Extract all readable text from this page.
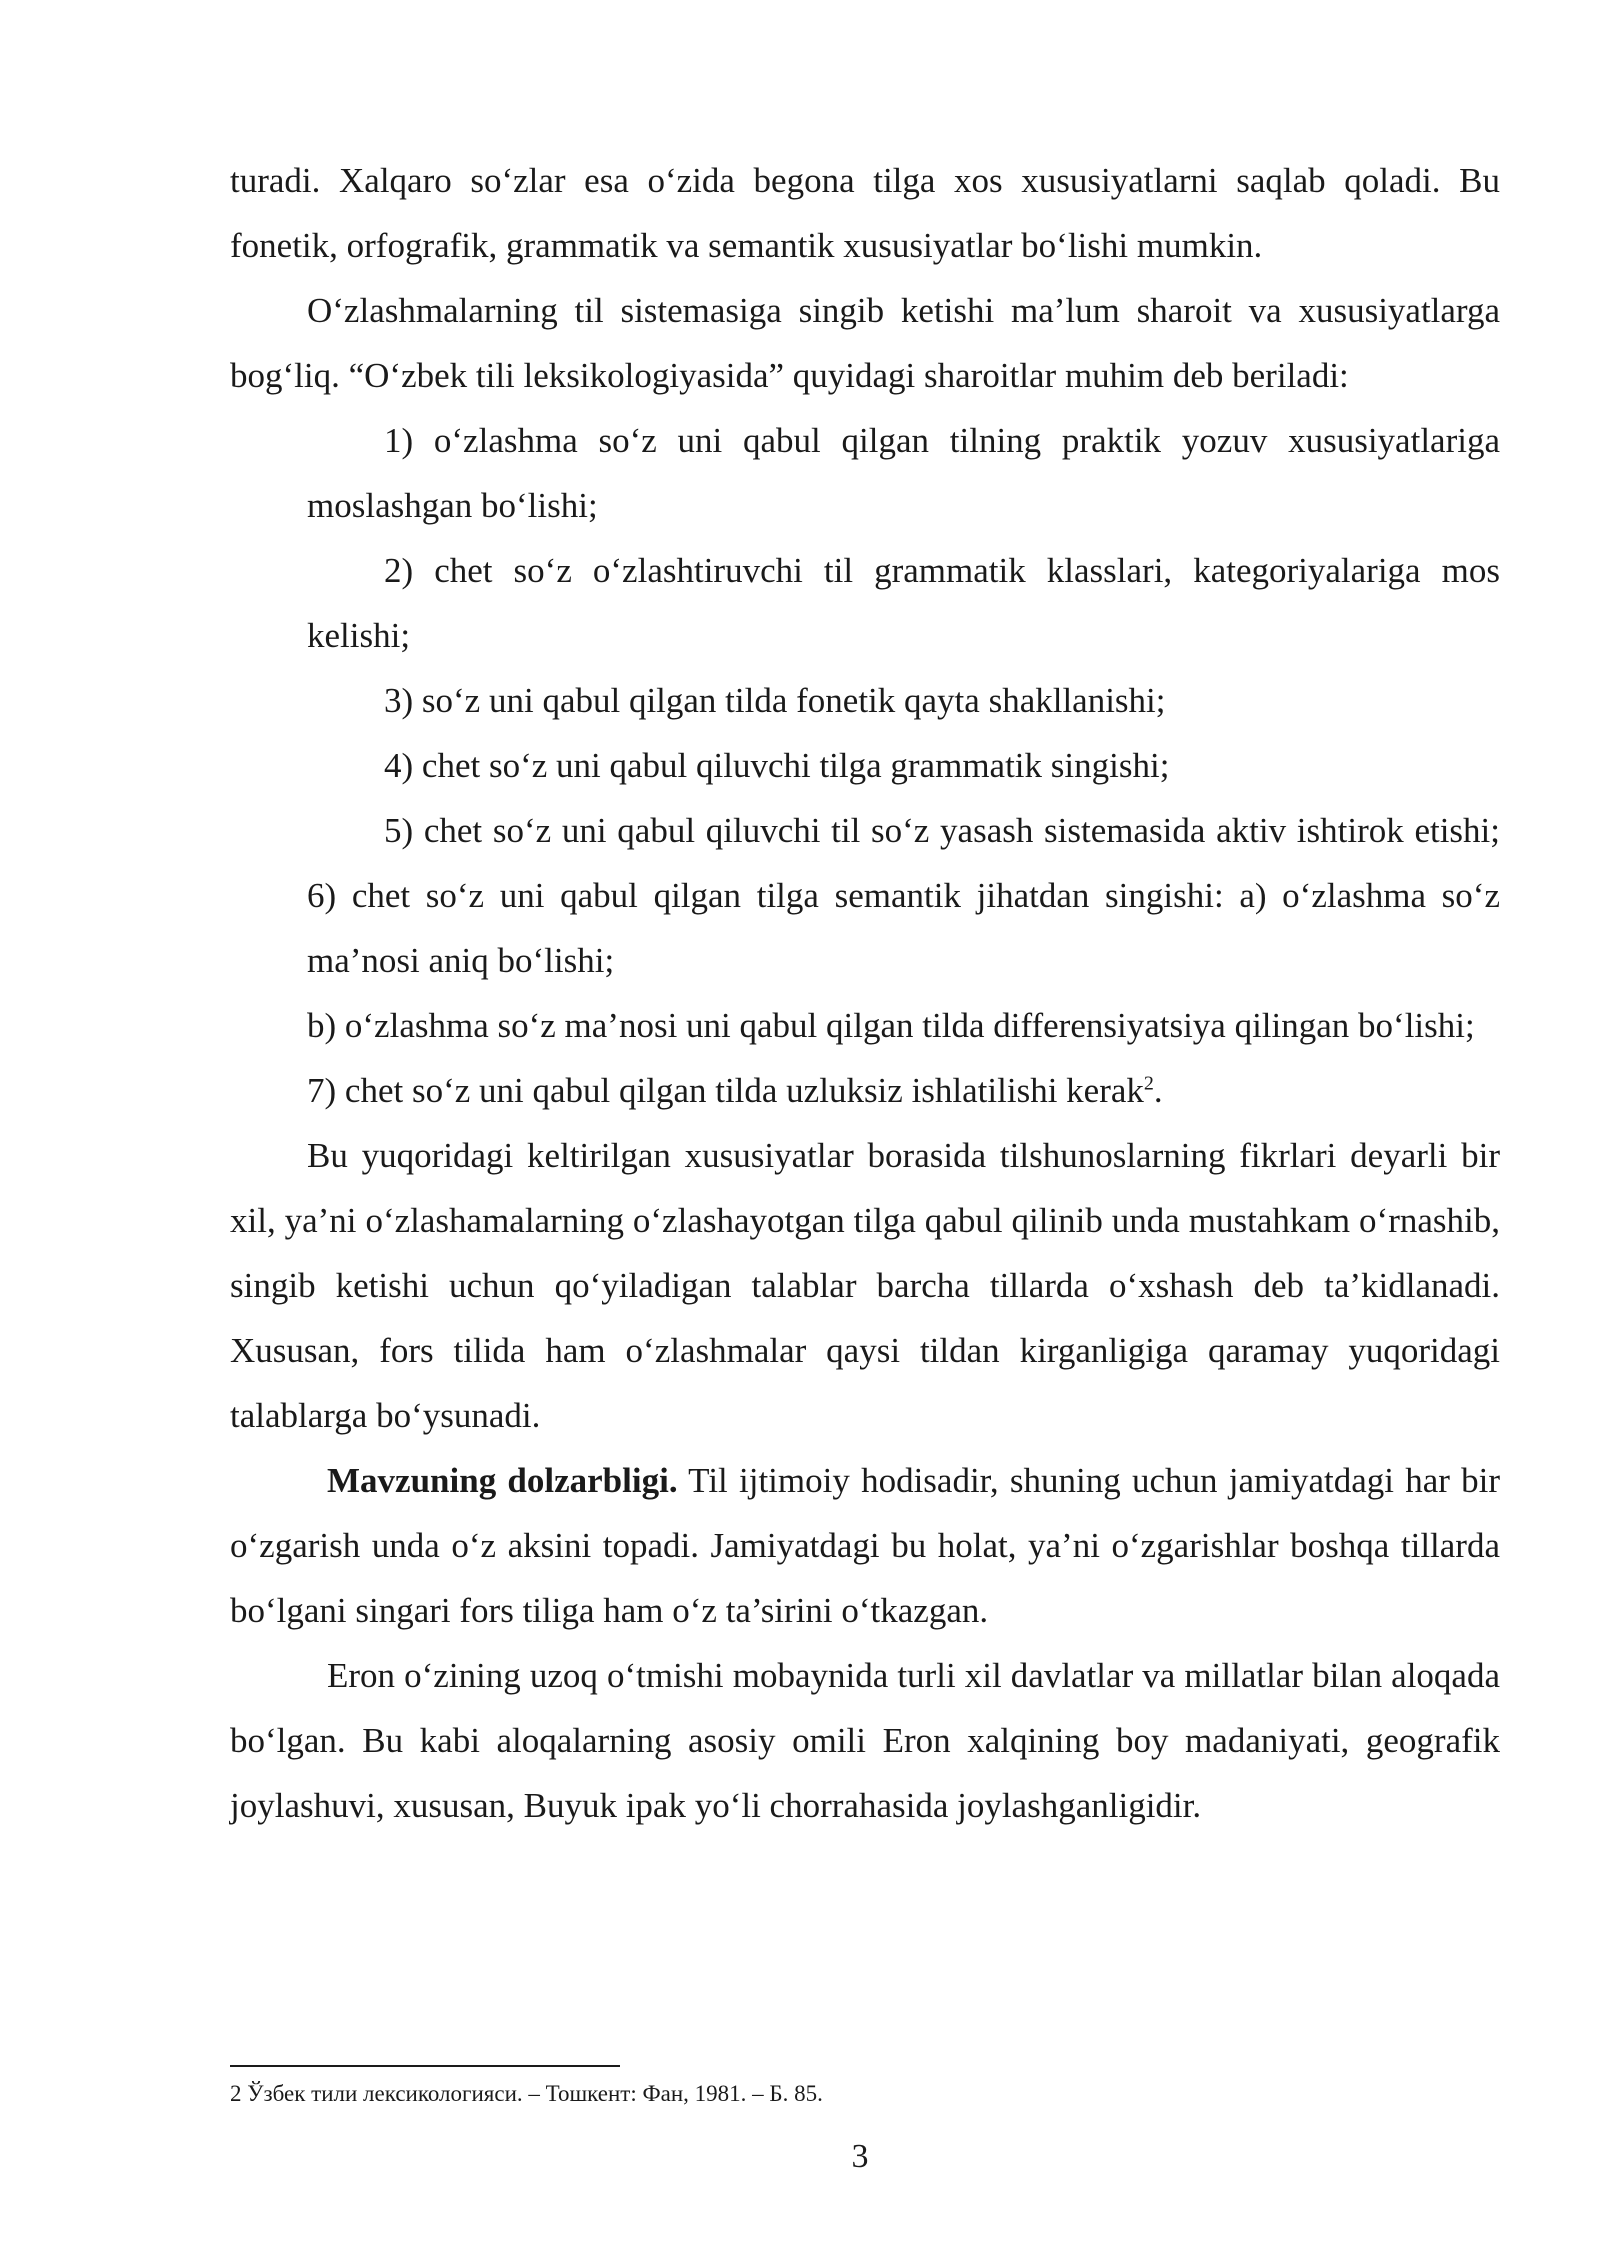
turadi. Xalqaro so‘zlar esa o‘zida begona tilga xos xususiyatlarni saqlab qoladi. Bu fonetik, orfografik, grammatik va semantik xususiyatlar bo‘lishi mumkin.

O‘zlashmalarning til sistemasiga singib ketishi ma’lum sharoit va xususiyatlarga bog‘liq. “O‘zbek tili leksikologiyasida” quyidagi sharoitlar muhim deb beriladi:

1) o‘zlashma so‘z uni qabul qilgan tilning praktik yozuv xususiyatlariga moslashgan bo‘lishi;

2) chet so‘z o‘zlashtiruvchi til grammatik klasslari, kategoriyalariga mos kelishi;

3) so‘z uni qabul qilgan tilda fonetik qayta shakllanishi;

4) chet so‘z uni qabul qiluvchi tilga grammatik singishi;

5) chet so‘z uni qabul qiluvchi til so‘z yasash sistemasida aktiv ishtirok etishi; 6) chet so‘z uni qabul qilgan tilga semantik jihatdan singishi: a) o‘zlashma so‘z ma’nosi aniq bo‘lishi;

b) o‘zlashma so‘z ma’nosi uni qabul qilgan tilda differensiyatsiya qilingan bo‘lishi;

7) chet so‘z uni qabul qilgan tilda uzluksiz ishlatilishi kerak$^2$.

Bu yuqoridagi keltirilgan xususiyatlar borasida tilshunoslarning fikrlari deyarli bir xil, ya’ni o‘zlashamalarning o‘zlashayotgan tilga qabul qilinib unda mustahkam o‘rnashib, singib ketishi uchun qo‘yiladigan talablar barcha tillarda o‘xshash deb ta’kidlanadi. Xususan, fors tilida ham o‘zlashmalar qaysi tildan kirganligiga qaramay yuqoridagi talablarga bo‘ysunadi.

Mavzuning dolzarbligi. Til ijtimoiy hodisadir, shuning uchun jamiyatdagi har bir o‘zgarish unda o‘z aksini topadi. Jamiyatdagi bu holat, ya’ni o‘zgarishlar boshqa tillarda bo‘lgani singari fors tiliga ham o‘z ta’sirini o‘tkazgan.

Eron o‘zining uzoq o‘tmishi mobaynida turli xil davlatlar va millatlar bilan aloqada bo‘lgan. Bu kabi aloqalarning asosiy omili Eron xalqining boy madaniyati, geografik joylashuvi, xususan, Buyuk ipak yo‘li chorrahasida joylashganligidir.

2 Ўзбек тили лексикологияси. – Тошкент: Фан, 1981. – Б. 85.
3
